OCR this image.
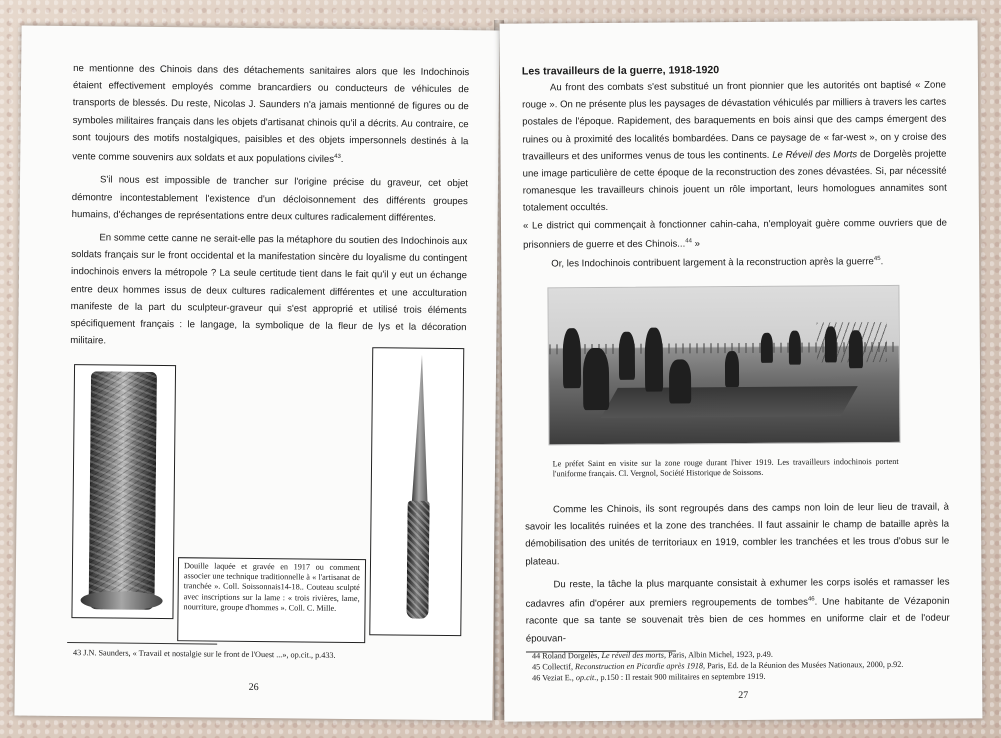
ne mentionne des Chinois dans des détachements sanitaires alors que les Indochinois étaient effectivement employés comme brancardiers ou conducteurs de véhicules de transports de blessés. Du reste, Nicolas J. Saunders n'a jamais mentionné de figures ou de symboles militaires français dans les objets d'artisanat chinois qu'il a décrits. Au contraire, ce sont toujours des motifs nostalgiques, paisibles et des objets impersonnels destinés à la vente comme souvenirs aux soldats et aux populations civiles$^{43}$.

S'il nous est impossible de trancher sur l'origine précise du graveur, cet objet démontre incontestablement l'existence d'un décloisonnement des différents groupes humains, d'échanges de représentations entre deux cultures radicalement différentes.

En somme cette canne ne serait-elle pas la métaphore du soutien des Indochinois aux soldats français sur le front occidental et la manifestation sincère du loyalisme du contingent indochinois envers la métropole ? La seule certitude tient dans le fait qu'il y eut un échange entre deux hommes issus de deux cultures radicalement différentes et une acculturation manifeste de la part du sculpteur-graveur qui s'est approprié et utilisé trois éléments spécifiquement français : le langage, la symbolique de la fleur de lys et la décoration militaire.

Douille laquée et gravée en 1917 ou comment associer une technique traditionnelle à « l'artisanat de tranchée ». Coll. Soissonnais14-18.. Couteau sculpté avec inscriptions sur la lame : « trois rivières, lame, nourriture, groupe d'hommes ». Coll. C. Mille.
43 J.N. Saunders, « Travail et nostalgie sur le front de l'Ouest ...», op.cit., p.433.
26
Les travailleurs de la guerre, 1918-1920

Au front des combats s'est substitué un front pionnier que les autorités ont baptisé « Zone rouge ». On ne présente plus les paysages de dévastation véhiculés par milliers à travers les cartes postales de l'époque. Rapidement, des baraquements en bois ainsi que des camps émergent des ruines ou à proximité des localités bombardées. Dans ce paysage de « far-west », on y croise des travailleurs et des uniformes venus de tous les continents. Le Réveil des Morts de Dorgelès projette une image particulière de cette époque de la reconstruction des zones dévastées. Si, par nécessité romanesque les travailleurs chinois jouent un rôle important, leurs homologues annamites sont totalement occultés.

« Le district qui commençait à fonctionner cahin-caha, n'employait guère comme ouvriers que de prisonniers de guerre et des Chinois...$^{44}$ »

Or, les Indochinois contribuent largement à la reconstruction après la guerre$^{45}$.

Le préfet Saint en visite sur la zone rouge durant l'hiver 1919. Les travailleurs indochinois portent l'uniforme français. Cl. Vergnol, Société Historique de Soissons.

Comme les Chinois, ils sont regroupés dans des camps non loin de leur lieu de travail, à savoir les localités ruinées et la zone des tranchées. Il faut assainir le champ de bataille après la démobilisation des unités de territoriaux en 1919, combler les tranchées et les trous d'obus sur le plateau.

Du reste, la tâche la plus marquante consistait à exhumer les corps isolés et ramasser les cadavres afin d'opérer aux premiers regroupements de tombes$^{46}$. Une habitante de Vézaponin raconte que sa tante se souvenait très bien de ces hommes en uniforme clair et de l'odeur épouvan-

44 Roland Dorgelès, Le réveil des morts, Paris, Albin Michel, 1923, p.49.
45 Collectif, Reconstruction en Picardie après 1918, Paris, Ed. de la Réunion des Musées Nationaux, 2000, p.92.
46 Veziat E., op.cit., p.150 : Il restait 900 militaires en septembre 1919.
27
